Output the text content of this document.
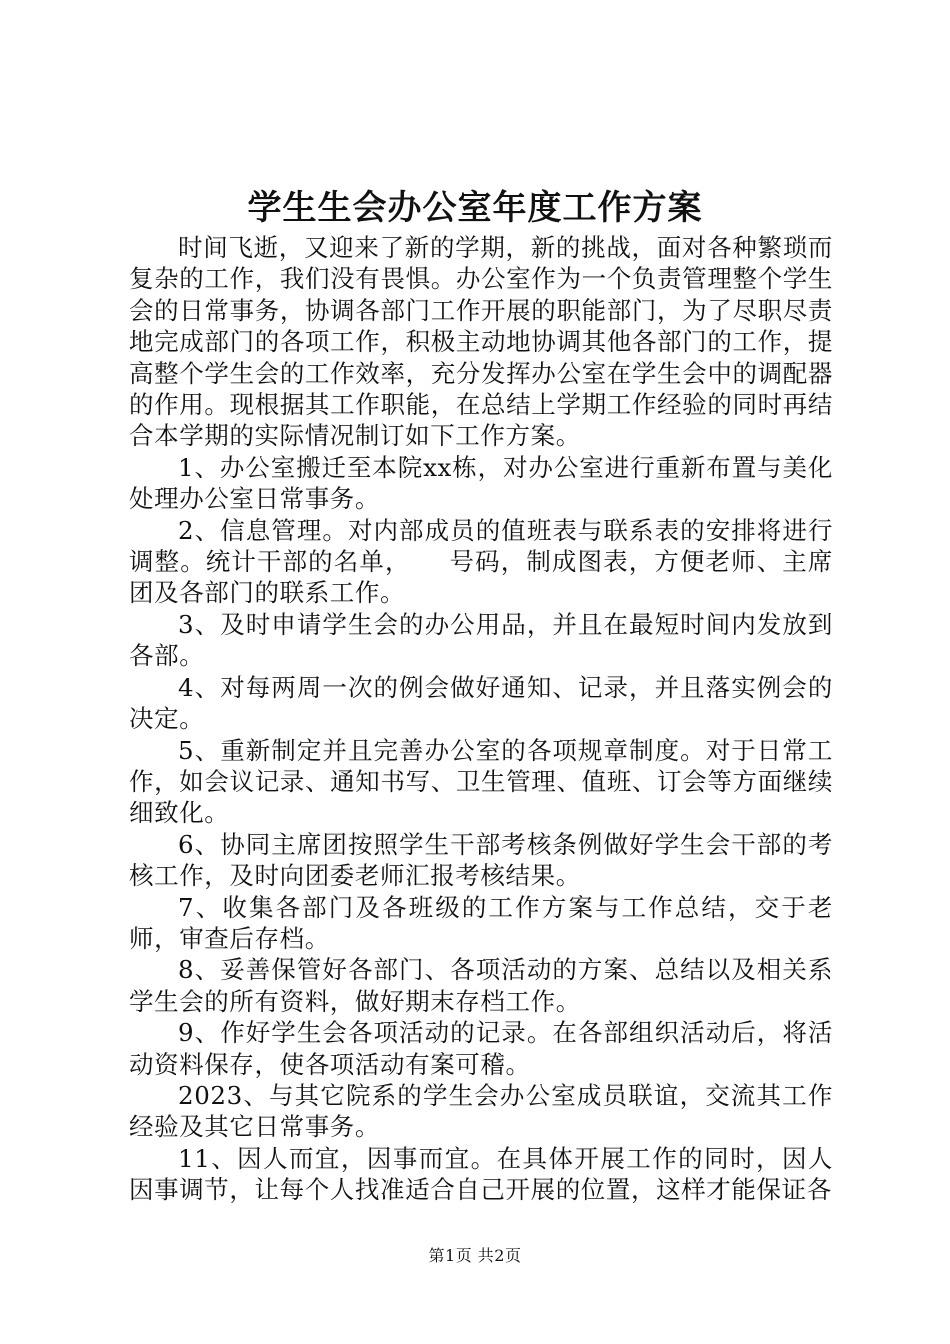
学生生会办公室年度工作方案

时间飞逝，又迎来了新的学期，新的挑战，面对各种繁琐而复杂的工作，我们没有畏惧。办公室作为一个负责管理整个学生会的日常事务，协调各部门工作开展的职能部门，为了尽职尽责地完成部门的各项工作，积极主动地协调其他各部门的工作，提高整个学生会的工作效率，充分发挥办公室在学生会中的调配器的作用。现根据其工作职能，在总结上学期工作经验的同时再结合本学期的实际情况制订如下工作方案。

1、办公室搬迁至本院xx栋，对办公室进行重新布置与美化处理办公室日常事务。

2、信息管理。对内部成员的值班表与联系表的安排将进行调整。统计干部的名单，　　号码，制成图表，方便老师、主席团及各部门的联系工作。

3、及时申请学生会的办公用品，并且在最短时间内发放到各部。

4、对每两周一次的例会做好通知、记录，并且落实例会的决定。

5、重新制定并且完善办公室的各项规章制度。对于日常工作，如会议记录、通知书写、卫生管理、值班、订会等方面继续细致化。

6、协同主席团按照学生干部考核条例做好学生会干部的考核工作，及时向团委老师汇报考核结果。

7、收集各部门及各班级的工作方案与工作总结，交于老师，审查后存档。

8、妥善保管好各部门、各项活动的方案、总结以及相关系学生会的所有资料，做好期末存档工作。

9、作好学生会各项活动的记录。在各部组织活动后，将活动资料保存，使各项活动有案可稽。

2023、与其它院系的学生会办公室成员联谊，交流其工作经验及其它日常事务。

11、因人而宜，因事而宜。在具体开展工作的同时，因人因事调节，让每个人找准适合自己开展的位置，这样才能保证各

第1页 共2页
